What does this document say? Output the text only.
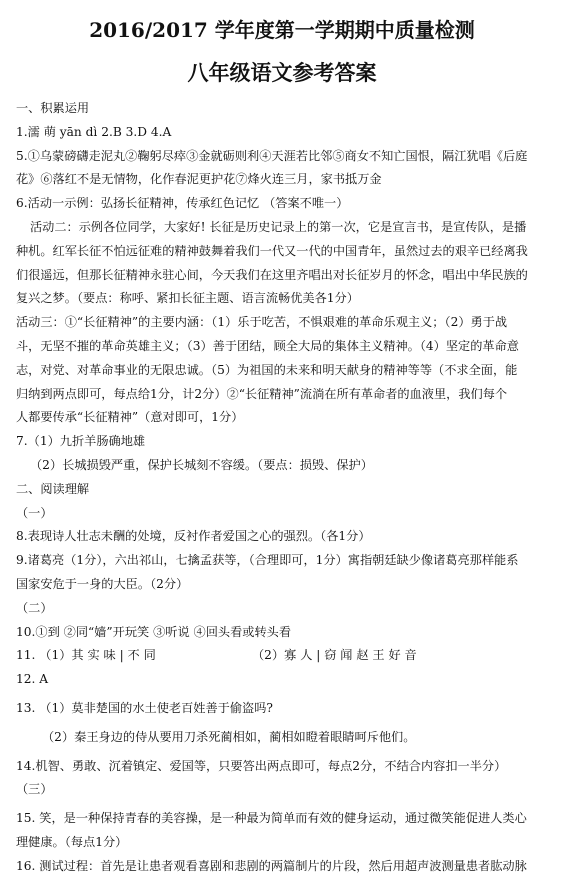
2016/2017 学年度第一学期期中质量检测
八年级语文参考答案
一、积累运用
1.濡 萌 yān dì 2.B 3.D 4.A
5.①乌蒙磅礴走泥丸②鞠躬尽瘁③金就砺则利④天涯若比邻⑤商女不知亡国恨，隔江犹唱《后庭
花》⑥落红不是无情物，化作春泥更护花⑦烽火连三月，家书抵万金
6.活动一示例：弘扬长征精神，传承红色记忆 （答案不唯一）
活动二：示例各位同学，大家好! 长征是历史记录上的第一次，它是宣言书，是宣传队，是播
种机。红军长征不怕远征难的精神鼓舞着我们一代又一代的中国青年，虽然过去的艰辛已经离我
们很遥远，但那长征精神永驻心间，今天我们在这里齐唱出对长征岁月的怀念，唱出中华民族的
复兴之梦。（要点：称呼、紧扣长征主题、语言流畅优美各1分）
活动三：①“长征精神”的主要内涵：（1）乐于吃苦，不惧艰难的革命乐观主义；（2）勇于战
斗，无坚不摧的革命英雄主义；（3）善于团结，顾全大局的集体主义精神。（4）坚定的革命意
志，对党、对革命事业的无限忠诚。（5）为祖国的未来和明天献身的精神等等（不求全面，能
归纳到两点即可，每点给1分，计2分）②“长征精神”流淌在所有革命者的血液里，我们每个
人都要传承“长征精神”（意对即可，1分）
7.（1）九折羊肠确地雄
（2）长城损毁严重，保护长城刻不容缓。（要点：损毁、保护）
二、阅读理解
（一）
8.表现诗人壮志未酬的处境，反衬作者爱国之心的强烈。（各1分）
9.诸葛亮（1分），六出祁山，七擒孟获等，（合理即可，1分）寓指朝廷缺少像诸葛亮那样能系
国家安危于一身的大臣。（2分）
（二）
10.①到 ②同“嫱”开玩笑 ③听说 ④回头看或转头看
11. （1）其 实 味 | 不 同	（2）寡 人 | 窃 闻 赵 王 好 音
12. A
13. （1）莫非楚国的水土使老百姓善于偷盗吗?
（2）秦王身边的侍从要用刀杀死蔺相如，蔺相如瞪着眼睛呵斥他们。
14.机智、勇敢、沉着镇定、爱国等，只要答出两点即可，每点2分，不结合内容扣一半分）
（三）
15. 笑，是一种保持青春的美容操，是一种最为简单而有效的健身运动，通过微笑能促进人类心
理健康。（每点1分）
16. 测试过程：首先是让患者观看喜剧和悲剧的两篇制片的片段，然后用超声波测量患者肱动脉
